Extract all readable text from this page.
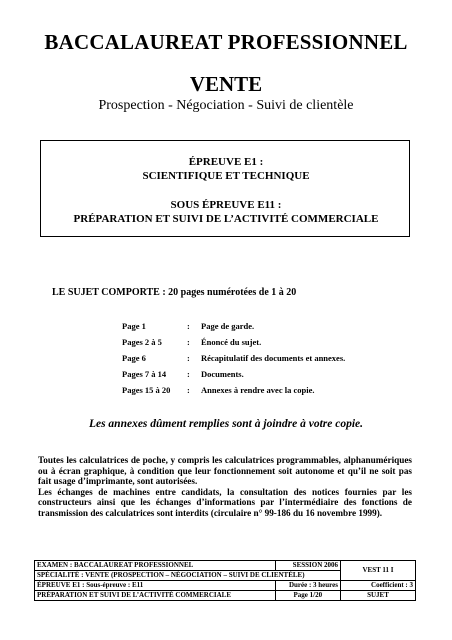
BACCALAUREAT PROFESSIONNEL
VENTE
Prospection - Négociation - Suivi de clientèle
ÉPREUVE E1 :
SCIENTIFIQUE ET TECHNIQUE
SOUS ÉPREUVE E11 :
PRÉPARATION ET SUIVI DE L’ACTIVITÉ COMMERCIALE
LE SUJET COMPORTE : 20 pages numérotées de 1 à 20
Page 1	: Page de garde.
Pages 2 à 5	: Énoncé du sujet.
Page 6	: Récapitulatif des documents et annexes.
Pages 7 à 14 : Documents.
Pages 15 à 20 : Annexes à rendre avec la copie.
Les annexes dûment remplies sont à joindre à votre copie.

Toutes les calculatrices de poche, y compris les calculatrices programmables, alphanumériques ou à écran graphique, à condition que leur fonctionnement soit autonome et qu’il ne soit pas fait usage d’imprimante, sont autorisées.

Les échanges de machines entre candidats, la consultation des notices fournies par les constructeurs ainsi que les échanges d’informations par l’intermédiaire des fonctions de transmission des calculatrices sont interdits (circulaire n° 99-186 du 16 novembre 1999).

EXAMEN : BACCALAUREAT PROFESSIONNEL	SESSION 2006	VEST 11 I
SPÉCIALITÉ : VENTE (PROSPECTION – NÉGOCIATION – SUIVI DE CLIENTÈLE)		
ÉPREUVE E1 : Sous-épreuve : E11	Durée : 3 heures	Coefficient : 3
PRÉPARATION ET SUIVI DE L’ACTIVITÉ COMMERCIALE	Page 1/20	SUJET
